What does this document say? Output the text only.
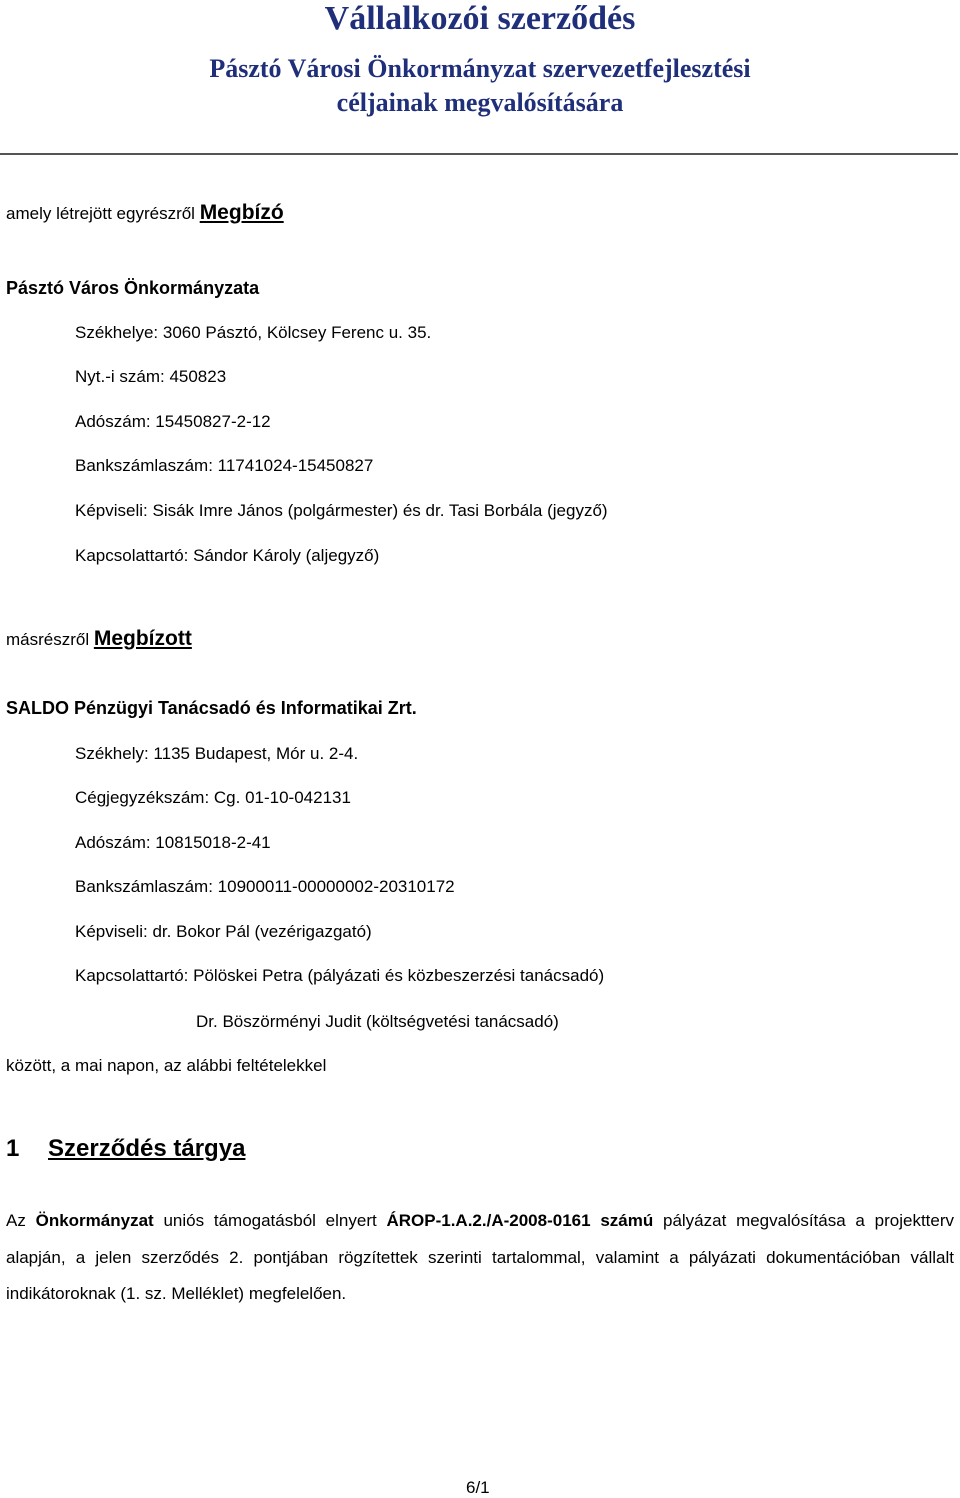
Vállalkozói szerződés
Pásztó Városi Önkormányzat szervezetfejlesztési
céljainak megvalósítására
amely létrejött egyrészről Megbízó
Pásztó Város Önkormányzata
Székhelye: 3060 Pásztó, Kölcsey Ferenc u. 35.
Nyt.-i szám: 450823
Adószám: 15450827-2-12
Bankszámlaszám: 11741024-15450827
Képviseli: Sisák Imre János (polgármester) és dr. Tasi Borbála (jegyző)
Kapcsolattartó: Sándor Károly (aljegyző)
másrészről Megbízott
SALDO Pénzügyi Tanácsadó és Informatikai Zrt.
Székhely: 1135 Budapest, Mór u. 2-4.
Cégjegyzékszám: Cg. 01-10-042131
Adószám: 10815018-2-41
Bankszámlaszám: 10900011-00000002-20310172
Képviseli: dr. Bokor Pál (vezérigazgató)
Kapcsolattartó: Pölöskei Petra (pályázati és közbeszerzési tanácsadó)
Dr. Böszörményi Judit (költségvetési tanácsadó)
között, a mai napon, az alábbi feltételekkel
1 Szerződés tárgya
Az Önkormányzat uniós támogatásból elnyert ÁROP-1.A.2./A-2008-0161 számú pályázat megvalósítása a projektterv alapján, a jelen szerződés 2. pontjában rögzítettek szerinti tartalommal, valamint a pályázati dokumentációban vállalt indikátoroknak (1. sz. Melléklet) megfelelően.
6/1
